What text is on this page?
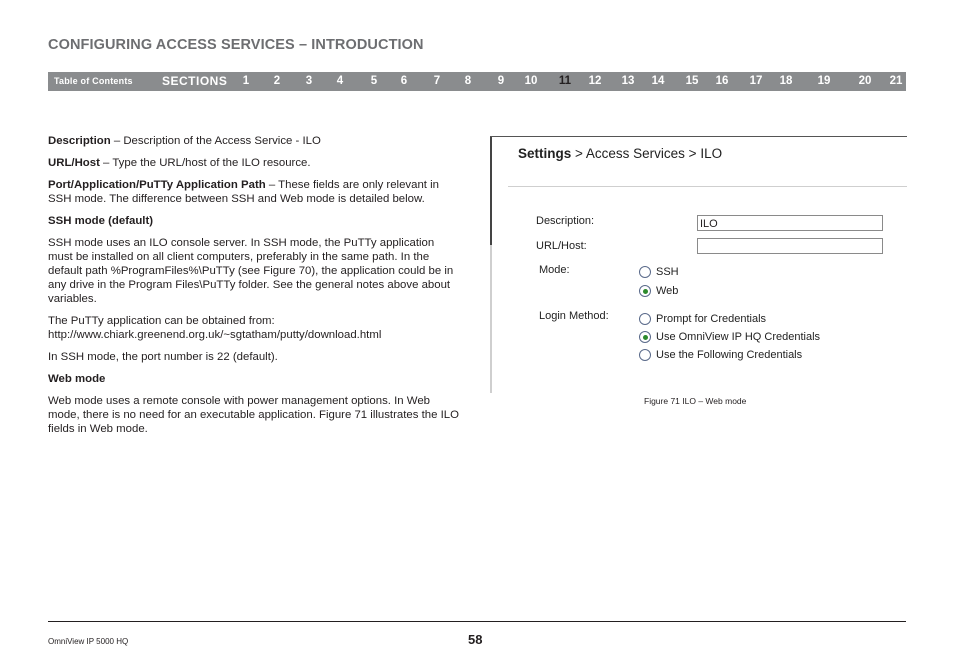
CONFIGURING ACCESS SERVICES – INTRODUCTION
Table of Contents SECTIONS 1 2 3 4 5 6 7 8 9 10 11 12 13 14 15 16 17 18 19 20 21

Description – Description of the Access Service - ILO

URL/Host – Type the URL/host of the ILO resource.

Port/Application/PuTTy Application Path – These fields are only relevant in SSH mode. The difference between SSH and Web mode is detailed below.

SSH mode (default)

SSH mode uses an ILO console server. In SSH mode, the PuTTy application must be installed on all client computers, preferably in the same path. In the default path %ProgramFiles%\PuTTy (see Figure 70), the application could be in any drive in the Program Files\PuTTy folder. See the general notes above about variables.

The PuTTy application can be obtained from:
http://www.chiark.greenend.org.uk/~sgtatham/putty/download.html

In SSH mode, the port number is 22 (default).

Web mode

Web mode uses a remote console with power management options. In Web mode, there is no need for an executable application. Figure 71 illustrates the ILO fields in Web mode.

Settings > Access Services > ILO
Description:	ILO
URL/Host:
Mode:	SSH
Web
Login Method:	Prompt for Credentials
Use OmniView IP HQ Credentials
Use the Following Credentials
Figure 71 ILO – Web mode
OmniView IP 5000 HQ	58
